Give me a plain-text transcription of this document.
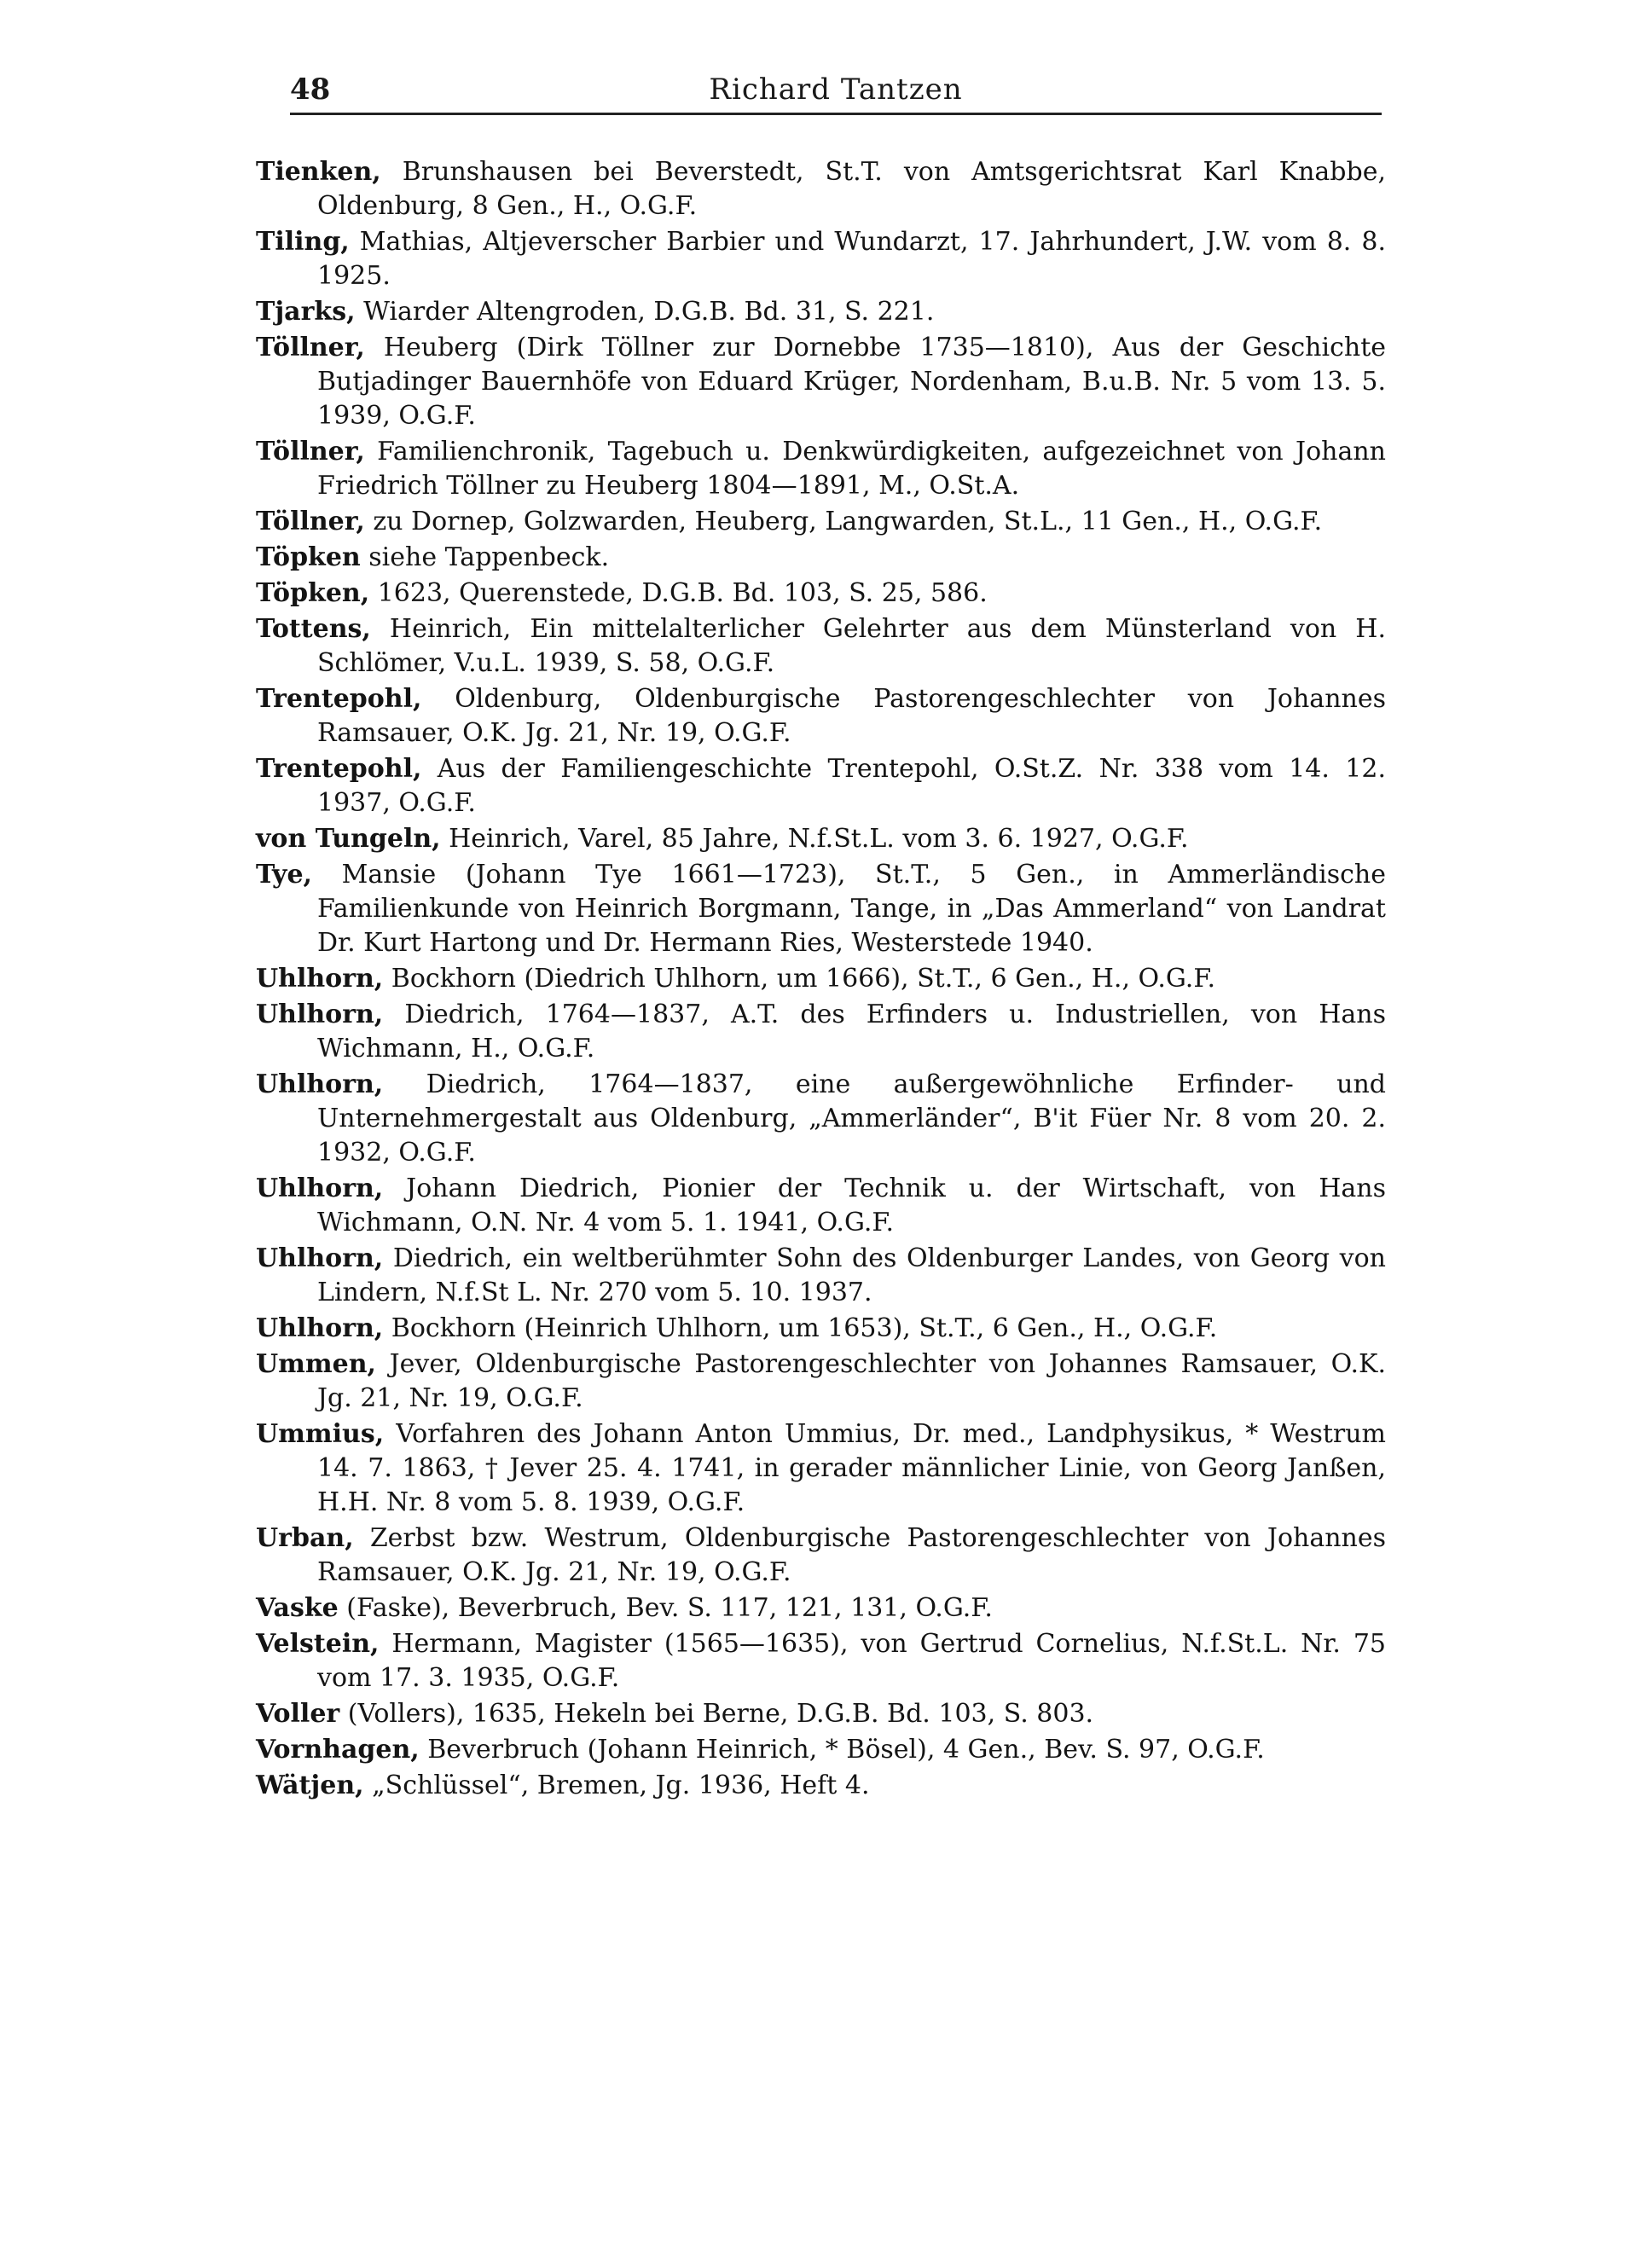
48	Richard Tantzen

Tienken, Brunshausen bei Beverstedt, St.T. von Amtsgerichtsrat Karl Knabbe, Oldenburg, 8 Gen., H., O.G.F.

Tiling, Mathias, Altjeverscher Barbier und Wundarzt, 17. Jahrhundert, J.W. vom 8. 8. 1925.

Tjarks, Wiarder Altengroden, D.G.B. Bd. 31, S. 221.

Töllner, Heuberg (Dirk Töllner zur Dornebbe 1735—1810), Aus der Geschichte Butjadinger Bauernhöfe von Eduard Krüger, Nordenham, B.u.B. Nr. 5 vom 13. 5. 1939, O.G.F.

Töllner, Familienchronik, Tagebuch u. Denkwürdigkeiten, aufgezeichnet von Johann Friedrich Töllner zu Heuberg 1804—1891, M., O.St.A.

Töllner, zu Dornep, Golzwarden, Heuberg, Langwarden, St.L., 11 Gen., H., O.G.F.

Töpken siehe Tappenbeck.

Töpken, 1623, Querenstede, D.G.B. Bd. 103, S. 25, 586.

Tottens, Heinrich, Ein mittelalterlicher Gelehrter aus dem Münsterland von H. Schlömer, V.u.L. 1939, S. 58, O.G.F.

Trentepohl, Oldenburg, Oldenburgische Pastorengeschlechter von Johannes Ramsauer, O.K. Jg. 21, Nr. 19, O.G.F.

Trentepohl, Aus der Familiengeschichte Trentepohl, O.St.Z. Nr. 338 vom 14. 12. 1937, O.G.F.

von Tungeln, Heinrich, Varel, 85 Jahre, N.f.St.L. vom 3. 6. 1927, O.G.F.

Tye, Mansie (Johann Tye 1661—1723), St.T., 5 Gen., in Ammerländische Familienkunde von Heinrich Borgmann, Tange, in „Das Ammerland“ von Landrat Dr. Kurt Hartong und Dr. Hermann Ries, Westerstede 1940.

Uhlhorn, Bockhorn (Diedrich Uhlhorn, um 1666), St.T., 6 Gen., H., O.G.F.

Uhlhorn, Diedrich, 1764—1837, A.T. des Erfinders u. Industriellen, von Hans Wichmann, H., O.G.F.

Uhlhorn, Diedrich, 1764—1837, eine außergewöhnliche Erfinder- und Unternehmergestalt aus Oldenburg, „Ammerländer“, B'it Füer Nr. 8 vom 20. 2. 1932, O.G.F.

Uhlhorn, Johann Diedrich, Pionier der Technik u. der Wirtschaft, von Hans Wichmann, O.N. Nr. 4 vom 5. 1. 1941, O.G.F.

Uhlhorn, Diedrich, ein weltberühmter Sohn des Oldenburger Landes, von Georg von Lindern, N.f.St L. Nr. 270 vom 5. 10. 1937.

Uhlhorn, Bockhorn (Heinrich Uhlhorn, um 1653), St.T., 6 Gen., H., O.G.F.

Ummen, Jever, Oldenburgische Pastorengeschlechter von Johannes Ramsauer, O.K. Jg. 21, Nr. 19, O.G.F.

Ummius, Vorfahren des Johann Anton Ummius, Dr. med., Landphysikus, * Westrum 14. 7. 1863, † Jever 25. 4. 1741, in gerader männlicher Linie, von Georg Janßen, H.H. Nr. 8 vom 5. 8. 1939, O.G.F.

Urban, Zerbst bzw. Westrum, Oldenburgische Pastorengeschlechter von Johannes Ramsauer, O.K. Jg. 21, Nr. 19, O.G.F.

Vaske (Faske), Beverbruch, Bev. S. 117, 121, 131, O.G.F.

Velstein, Hermann, Magister (1565—1635), von Gertrud Cornelius, N.f.St.L. Nr. 75 vom 17. 3. 1935, O.G.F.

Voller (Vollers), 1635, Hekeln bei Berne, D.G.B. Bd. 103, S. 803.

Vornhagen, Beverbruch (Johann Heinrich, * Bösel), 4 Gen., Bev. S. 97, O.G.F.

Wätjen, „Schlüssel“, Bremen, Jg. 1936, Heft 4.
